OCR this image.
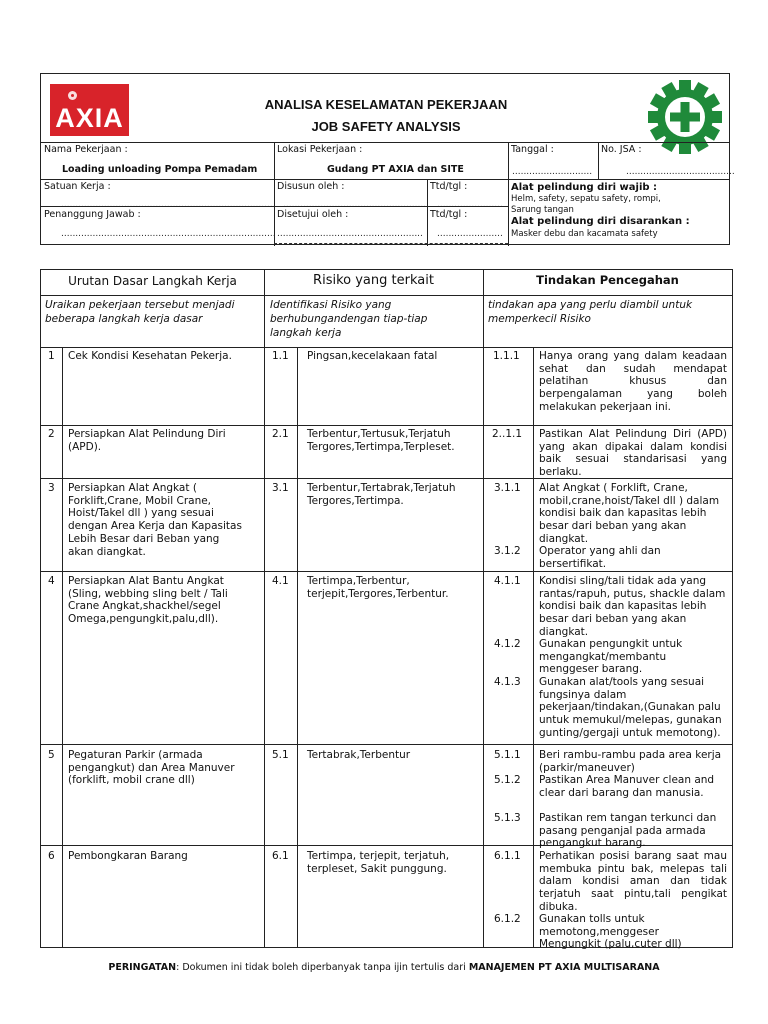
AXIA	ANALISA KESELAMATAN PEKERJAAN
JOB SAFETY ANALYSIS
Nama Pekerjaan :
Loading unloading Pompa Pemadam
Lokasi Pekerjaan :
Gudang PT AXIA dan SITE
Tanggal :
............................
No. JSA :
......................................
Satuan Kerja :
...........................................................................
Disusun oleh :
...................................................
Ttd/tgl :
.......................
Penanggung Jawab :
...........................................................................
Disetujui oleh :
...................................................
Ttd/tgl :
.......................
Alat pelindung diri wajib :
Helm, safety, sepatu safety, rompi,
Sarung tangan
Alat pelindung diri disarankan :
Masker debu dan kacamata safety
Urutan Dasar Langkah Kerja	Risiko yang terkait	Tindakan Pencegahan
Uraikan pekerjaan tersebut menjadi beberapa langkah kerja dasar
Identifikasi Risiko yang berhubungandengan tiap-tiap langkah kerja
tindakan apa yang perlu diambil untuk memperkecil Risiko
1 Cek Kondisi Kesehatan Pekerja.	1.1 Pingsan,kecelakaan fatal	1.1.1 Hanya orang yang dalam keadaan sehat dan sudah mendapat pelatihan khusus dan berpengalaman yang boleh melakukan pekerjaan ini.
2 Persiapkan Alat Pelindung Diri (APD).
2.1 Terbentur,Tertusuk,Terjatuh Tergores,Tertimpa,Terpleset.
2..1.1 Pastikan Alat Pelindung Diri (APD) yang akan dipakai dalam kondisi baik sesuai standarisasi yang berlaku.
3 Persiapkan Alat Angkat ( Forklift,Crane, Mobil Crane, Hoist/Takel dll ) yang sesuai dengan Area Kerja dan Kapasitas Lebih Besar dari Beban yang akan diangkat.
3.1 Terbentur,Tertabrak,Terjatuh Tergores,Tertimpa.
3.1.1 Alat Angkat ( Forklift, Crane, mobil,crane,hoist/Takel dll ) dalam kondisi baik dan kapasitas lebih besar dari beban yang akan diangkat.
3.1.2 Operator yang ahli dan bersertifikat.
4 Persiapkan Alat Bantu Angkat (Sling, webbing sling belt / Tali Crane Angkat,shackhel/segel Omega,pengungkit,palu,dll).
4.1 Tertimpa,Terbentur, terjepit,Tergores,Terbentur.
4.1.1 Kondisi sling/tali tidak ada yang rantas/rapuh, putus, shackle dalam kondisi baik dan kapasitas lebih besar dari beban yang akan diangkat.
4.1.2 Gunakan pengungkit untuk mengangkat/membantu menggeser barang.
4.1.3 Gunakan alat/tools yang sesuai fungsinya dalam pekerjaan/tindakan,(Gunakan palu untuk memukul/melepas, gunakan gunting/gergaji untuk memotong).
5 Pegaturan Parkir (armada pengangkut) dan Area Manuver (forklift, mobil crane dll)
5.1 Tertabrak,Terbentur	5.1.1 Beri rambu-rambu pada area kerja (parkir/maneuver)
5.1.2 Pastikan Area Manuver clean and clear dari barang dan manusia.
5.1.3 Pastikan rem tangan terkunci dan pasang penganjal pada armada pengangkut barang.
6 Pembongkaran Barang	6.1 Tertimpa, terjepit, terjatuh, terpleset, Sakit punggung.
6.1.1 Perhatikan posisi barang saat mau membuka pintu bak, melepas tali dalam kondisi aman dan tidak terjatuh saat pintu,tali pengikat dibuka.
6.1.2 Gunakan tolls untuk memotong,menggeser Mengungkit (palu,cuter dll)
PERINGATAN: Dokumen ini tidak boleh diperbanyak tanpa ijin tertulis dari MANAJEMEN PT AXIA MULTISARANA
